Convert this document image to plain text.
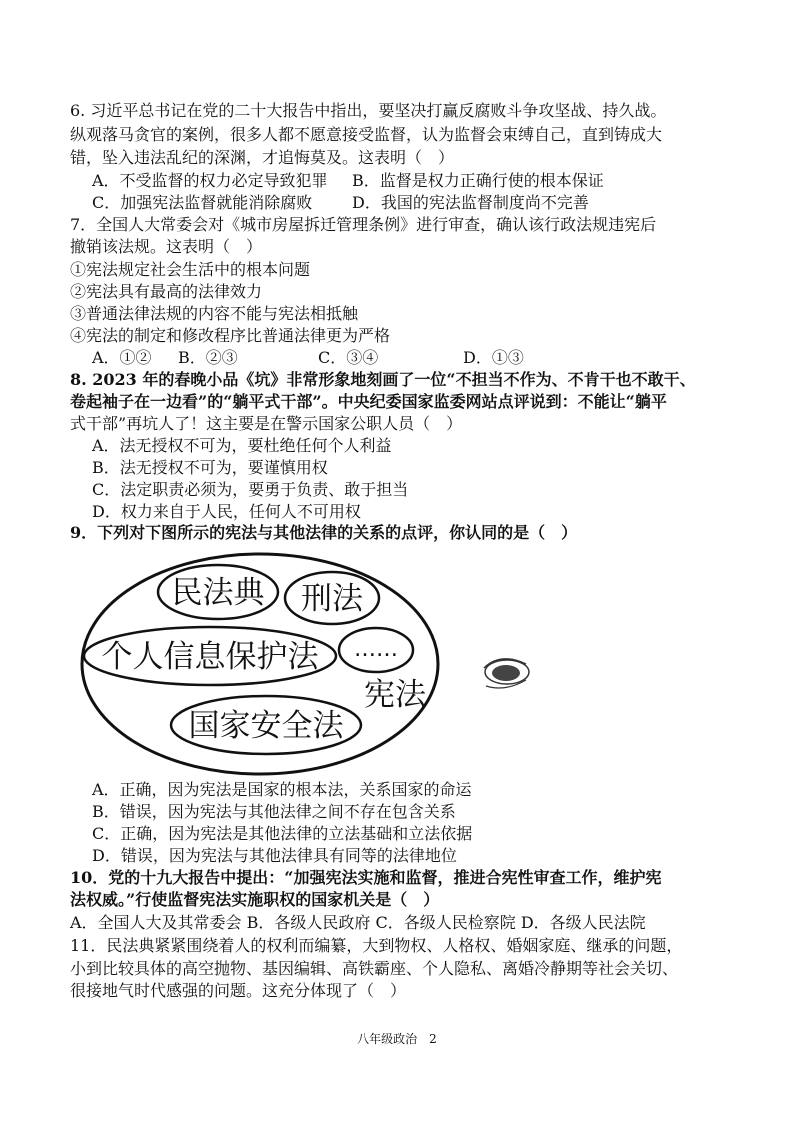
6. 习近平总书记在党的二十大报告中指出，要坚决打赢反腐败斗争攻坚战、持久战。
纵观落马贪官的案例，很多人都不愿意接受监督，认为监督会束缚自己，直到铸成大
错，坠入违法乱纪的深渊，才追悔莫及。这表明（　）
A．不受监督的权力必定导致犯罪 B．监督是权力正确行使的根本保证
C．加强宪法监督就能消除腐败 D．我国的宪法监督制度尚不完善
7．全国人大常委会对《城市房屋拆迁管理条例》进行审查，确认该行政法规违宪后
撤销该法规。这表明（　）
①宪法规定社会生活中的根本问题
②宪法具有最高的法律效力
③普通法律法规的内容不能与宪法相抵触
④宪法的制定和修改程序比普通法律更为严格
A．①② B．②③	C．③④	D．①③
8. 2023 年的春晚小品《坑》非常形象地刻画了一位“不担当不作为、不肯干也不敢干、
卷起袖子在一边看”的“躺平式干部”。中央纪委国家监委网站点评说到：不能让“躺平
式干部”再坑人了！这主要是在警示国家公职人员（　）
A．法无授权不可为，要杜绝任何个人利益
B．法无授权不可为，要谨慎用权
C．法定职责必须为，要勇于负责、敢于担当
D．权力来自于人民，任何人不可用权
9．下列对下图所示的宪法与其他法律的关系的点评，你认同的是（　）
民法典 刑法
个人信息保护法 ……
国家安全法
宪法
A．正确，因为宪法是国家的根本法，关系国家的命运
B．错误，因为宪法与其他法律之间不存在包含关系
C．正确，因为宪法是其他法律的立法基础和立法依据
D．错误，因为宪法与其他法律具有同等的法律地位
10．党的十九大报告中提出：“加强宪法实施和监督，推进合宪性审查工作，维护宪
法权威。”行使监督宪法实施职权的国家机关是（　）
A．全国人大及其常委会 B．各级人民政府 C．各级人民检察院 D．各级人民法院
11．民法典紧紧围绕着人的权利而编纂，大到物权、人格权、婚姻家庭、继承的问题，
小到比较具体的高空抛物、基因编辑、高铁霸座、个人隐私、离婚冷静期等社会关切、
很接地气时代感强的问题。这充分体现了（　）
八年级政治　2
